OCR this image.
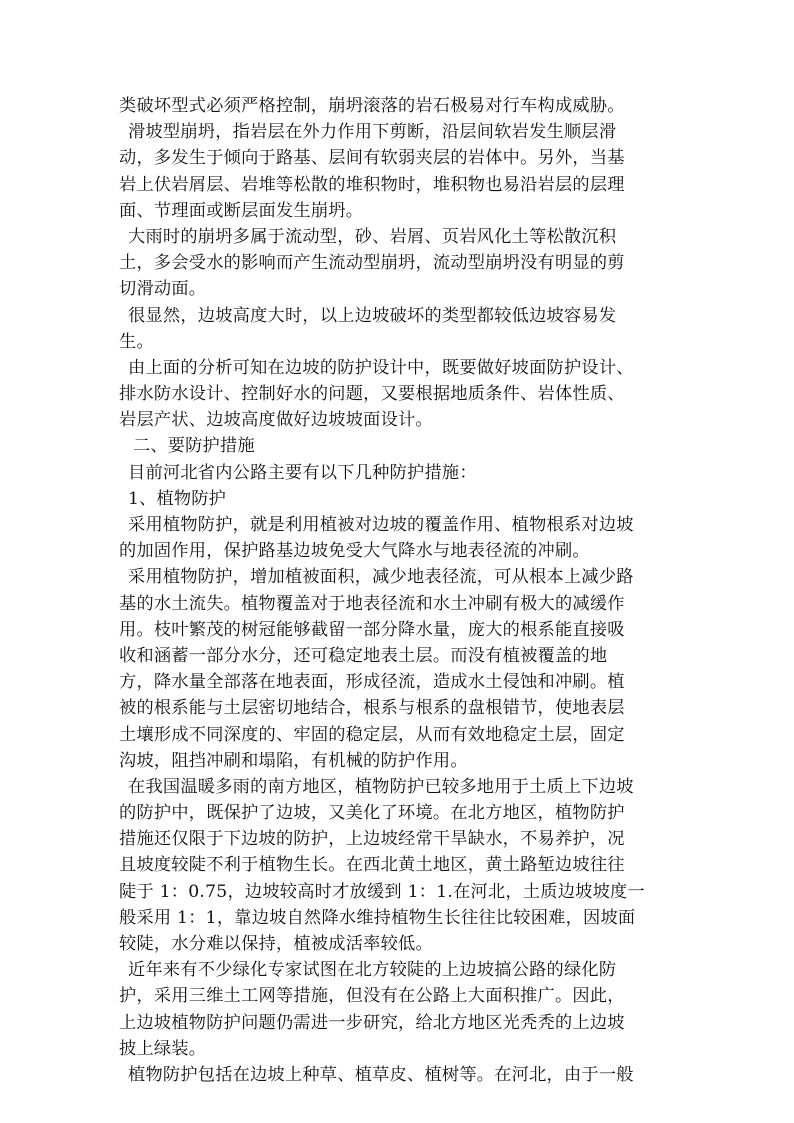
类破坏型式必须严格控制，崩坍滚落的岩石极易对行车构成威胁。
滑坡型崩坍，指岩层在外力作用下剪断，沿层间软岩发生顺层滑
动，多发生于倾向于路基、层间有软弱夹层的岩体中。另外，当基
岩上伏岩屑层、岩堆等松散的堆积物时，堆积物也易沿岩层的层理
面、节理面或断层面发生崩坍。
大雨时的崩坍多属于流动型，砂、岩屑、页岩风化土等松散沉积
土，多会受水的影响而产生流动型崩坍，流动型崩坍没有明显的剪
切滑动面。
很显然，边坡高度大时，以上边坡破坏的类型都较低边坡容易发
生。
由上面的分析可知在边坡的防护设计中，既要做好坡面防护设计、
排水防水设计、控制好水的问题，又要根据地质条件、岩体性质、
岩层产状、边坡高度做好边坡坡面设计。
二、要防护措施
目前河北省内公路主要有以下几种防护措施：
1、植物防护
采用植物防护，就是利用植被对边坡的覆盖作用、植物根系对边坡
的加固作用，保护路基边坡免受大气降水与地表径流的冲刷。
采用植物防护，增加植被面积，减少地表径流，可从根本上减少路
基的水土流失。植物覆盖对于地表径流和水土冲刷有极大的减缓作
用。枝叶繁茂的树冠能够截留一部分降水量，庞大的根系能直接吸
收和涵蓄一部分水分，还可稳定地表土层。而没有植被覆盖的地
方，降水量全部落在地表面，形成径流，造成水土侵蚀和冲刷。植
被的根系能与土层密切地结合，根系与根系的盘根错节，使地表层
土壤形成不同深度的、牢固的稳定层，从而有效地稳定土层，固定
沟坡，阻挡冲刷和塌陷，有机械的防护作用。
在我国温暖多雨的南方地区，植物防护已较多地用于土质上下边坡
的防护中，既保护了边坡，又美化了环境。在北方地区，植物防护
措施还仅限于下边坡的防护，上边坡经常干旱缺水，不易养护，况
且坡度较陡不利于植物生长。在西北黄土地区，黄土路堑边坡往往
陡于 1：0.75，边坡较高时才放缓到 1：1.在河北，土质边坡坡度一
般采用 1：1，靠边坡自然降水维持植物生长往往比较困难，因坡面
较陡，水分难以保持，植被成活率较低。
近年来有不少绿化专家试图在北方较陡的上边坡搞公路的绿化防
护，采用三维土工网等措施，但没有在公路上大面积推广。因此，
上边坡植物防护问题仍需进一步研究，给北方地区光秃秃的上边坡
披上绿装。
植物防护包括在边坡上种草、植草皮、植树等。在河北，由于一般
